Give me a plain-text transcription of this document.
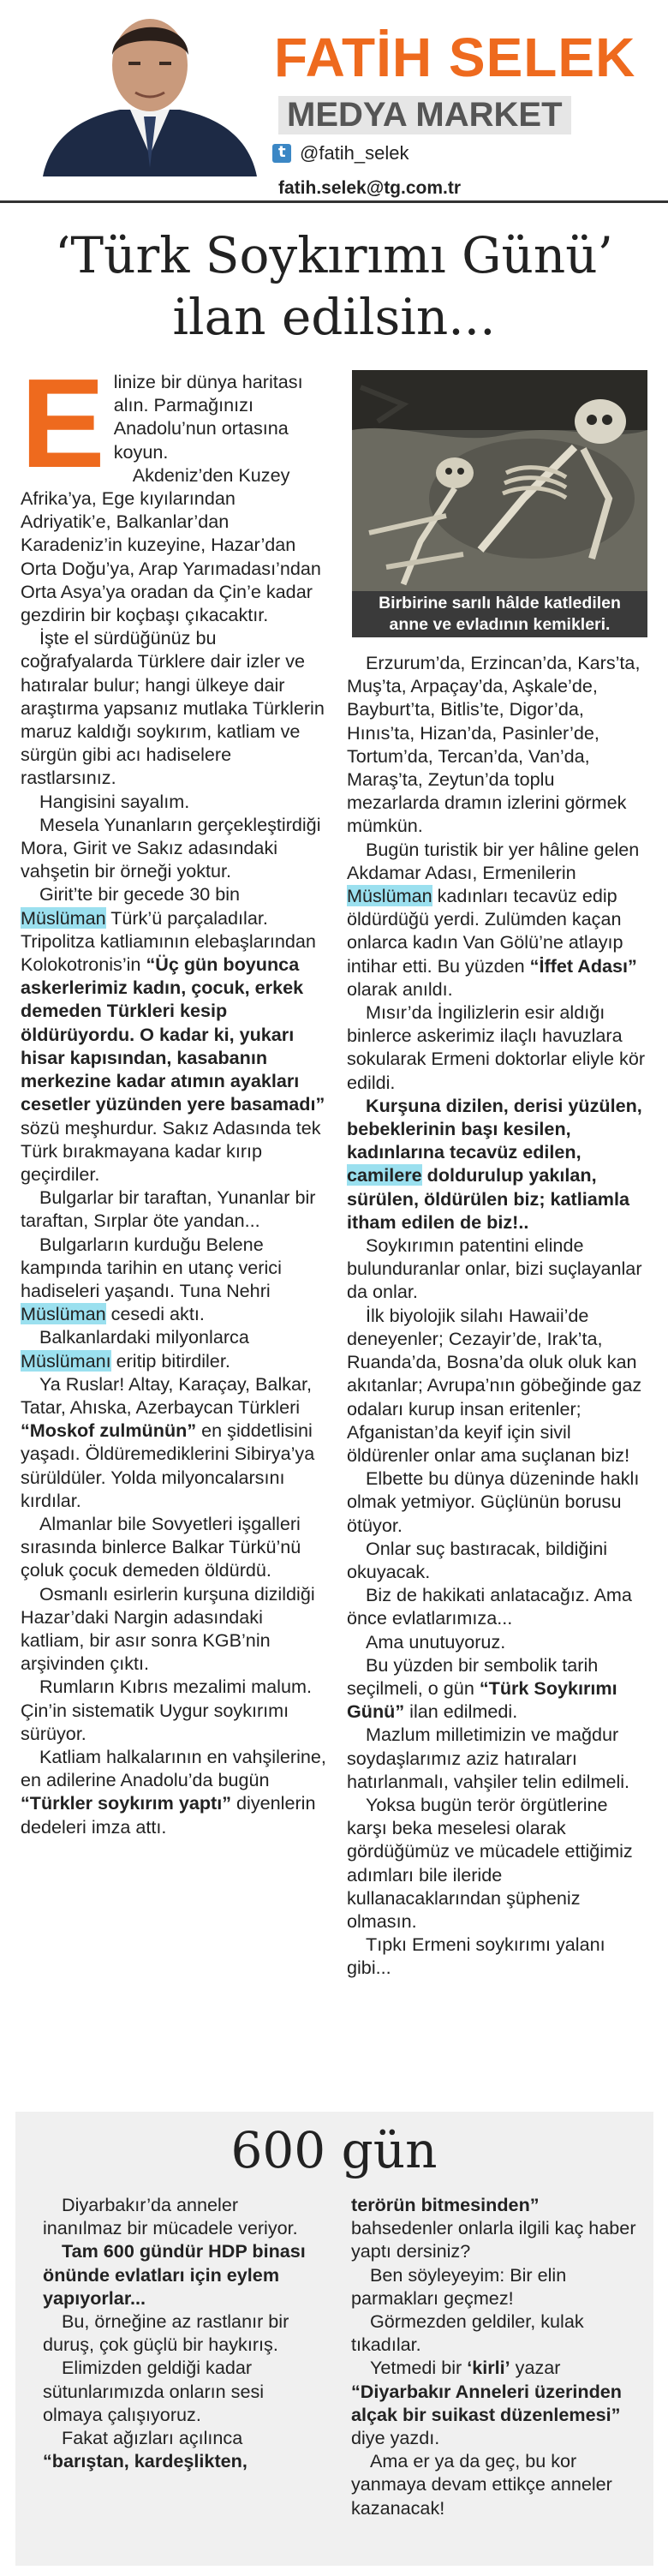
FATİH SELEK
MEDYA MARKET
t
@fatih_selek
fatih.selek@tg.com.tr
‘Türk Soykırımı Günü’
ilan edilsin...

E linize bir dünya haritası alın. Parmağınızı Anadolu’nun ortasına koyun.

Akdeniz’den Kuzey Afrika’ya, Ege kıyılarından Adriyatik’e, Balkanlar’dan Karadeniz’in kuzeyine, Hazar’dan Orta Doğu’ya, Arap Yarımadası’ndan Orta Asya’ya oradan da Çin’e kadar gezdirin bir koçbaşı çıkacaktır.

İşte el sürdüğünüz bu coğrafyalarda Türklere dair izler ve hatıralar bulur; hangi ülkeye dair araştırma yapsanız mutlaka Türklerin maruz kaldığı soykırım, katliam ve sürgün gibi acı hadiselere rastlarsınız.

Hangisini sayalım.

Mesela Yunanların gerçekleştirdiği Mora, Girit ve Sakız adasındaki vahşetin bir örneği yoktur.

Girit’te bir gecede 30 bin Müslüman Türk’ü parçaladılar. Tripolitza katliamının elebaşlarından Kolokotronis’in “Üç gün boyunca askerlerimiz kadın, çocuk, erkek demeden Türkleri kesip öldürüyordu. O kadar ki, yukarı hisar kapısından, kasabanın merkezine kadar atımın ayakları cesetler yüzünden yere basamadı” sözü meşhurdur. Sakız Adasında tek Türk bırakmayana kadar kırıp geçirdiler.

Bulgarlar bir taraftan, Yunanlar bir taraftan, Sırplar öte yandan...

Bulgarların kurduğu Belene kampında tarihin en utanç verici hadiseleri yaşandı. Tuna Nehri Müslüman cesedi aktı.

Balkanlardaki milyonlarca Müslümanı eritip bitirdiler.

Ya Ruslar! Altay, Karaçay, Balkar, Tatar, Ahıska, Azerbaycan Türkleri “Moskof zulmünün” en şiddetlisini yaşadı. Öldüremediklerini Sibirya’ya sürüldüler. Yolda milyoncalarsını kırdılar.

Almanlar bile Sovyetleri işgalleri sırasında binlerce Balkar Türkü’nü çoluk çocuk demeden öldürdü.

Osmanlı esirlerin kurşuna dizildiği Hazar’daki Nargin adasındaki katliam, bir asır sonra KGB’nin arşivinden çıktı.

Rumların Kıbrıs mezalimi malum. Çin’in sistematik Uygur soykırımı sürüyor.

Katliam halkalarının en vahşilerine, en adilerine Anadolu’da bugün “Türkler soykırım yaptı” diyenlerin dedeleri imza attı.

Birbirine sarılı hâlde katledilen
anne ve evladının kemikleri.

Erzurum’da, Erzincan’da, Kars’ta, Muş’ta, Arpaçay’da, Aşkale’de, Bayburt’ta, Bitlis’te, Digor’da, Hınıs’ta, Hizan’da, Pasinler’de, Tortum’da, Tercan’da, Van’da, Maraş’ta, Zeytun’da toplu mezarlarda dramın izlerini görmek mümkün.

Bugün turistik bir yer hâline gelen Akdamar Adası, Ermenilerin Müslüman kadınları tecavüz edip öldürdüğü yerdi. Zulümden kaçan onlarca kadın Van Gölü’ne atlayıp intihar etti. Bu yüzden “İffet Adası” olarak anıldı.

Mısır’da İngilizlerin esir aldığı binlerce askerimiz ilaçlı havuzlara sokularak Ermeni doktorlar eliyle kör edildi.

Kurşuna dizilen, derisi yüzülen, bebeklerinin başı kesilen, kadınlarına tecavüz edilen, camilere doldurulup yakılan, sürülen, öldürülen biz; katliamla itham edilen de biz!..

Soykırımın patentini elinde bulunduranlar onlar, bizi suçlayanlar da onlar.

İlk biyolojik silahı Hawaii’de deneyenler; Cezayir’de, Irak’ta, Ruanda’da, Bosna’da oluk oluk kan akıtanlar; Avrupa’nın göbeğinde gaz odaları kurup insan eritenler; Afganistan’da keyif için sivil öldürenler onlar ama suçlanan biz!

Elbette bu dünya düzeninde haklı olmak yetmiyor. Güçlünün borusu ötüyor.

Onlar suç bastıracak, bildiğini okuyacak.

Biz de hakikati anlatacağız. Ama önce evlatlarımıza...

Ama unutuyoruz.

Bu yüzden bir sembolik tarih seçilmeli, o gün “Türk Soykırımı Günü” ilan edilmedi.

Mazlum milletimizin ve mağdur soydaşlarımız aziz hatıraları hatırlanmalı, vahşiler telin edilmeli.

Yoksa bugün terör örgütlerine karşı beka meselesi olarak gördüğümüz ve mücadele ettiğimiz adımları bile ileride kullanacaklarından şüpheniz olmasın.

Tıpkı Ermeni soykırımı yalanı gibi...

600 gün

Diyarbakır’da anneler inanılmaz bir mücadele veriyor.

Tam 600 gündür HDP binası önünde evlatları için eylem yapıyorlar...

Bu, örneğine az rastlanır bir duruş, çok güçlü bir haykırış.

Elimizden geldiği kadar sütunlarımızda onların sesi olmaya çalışıyoruz.

Fakat ağızları açılınca “barıştan, kardeşlikten,

terörün bitmesinden” bahsedenler onlarla ilgili kaç haber yaptı dersiniz?

Ben söyleyeyim: Bir elin parmakları geçmez!

Görmezden geldiler, kulak tıkadılar.

Yetmedi bir ‘kirli’ yazar “Diyarbakır Anneleri üzerinden alçak bir suikast düzenlemesi” diye yazdı.

Ama er ya da geç, bu kor yanmaya devam ettikçe anneler kazanacak!
